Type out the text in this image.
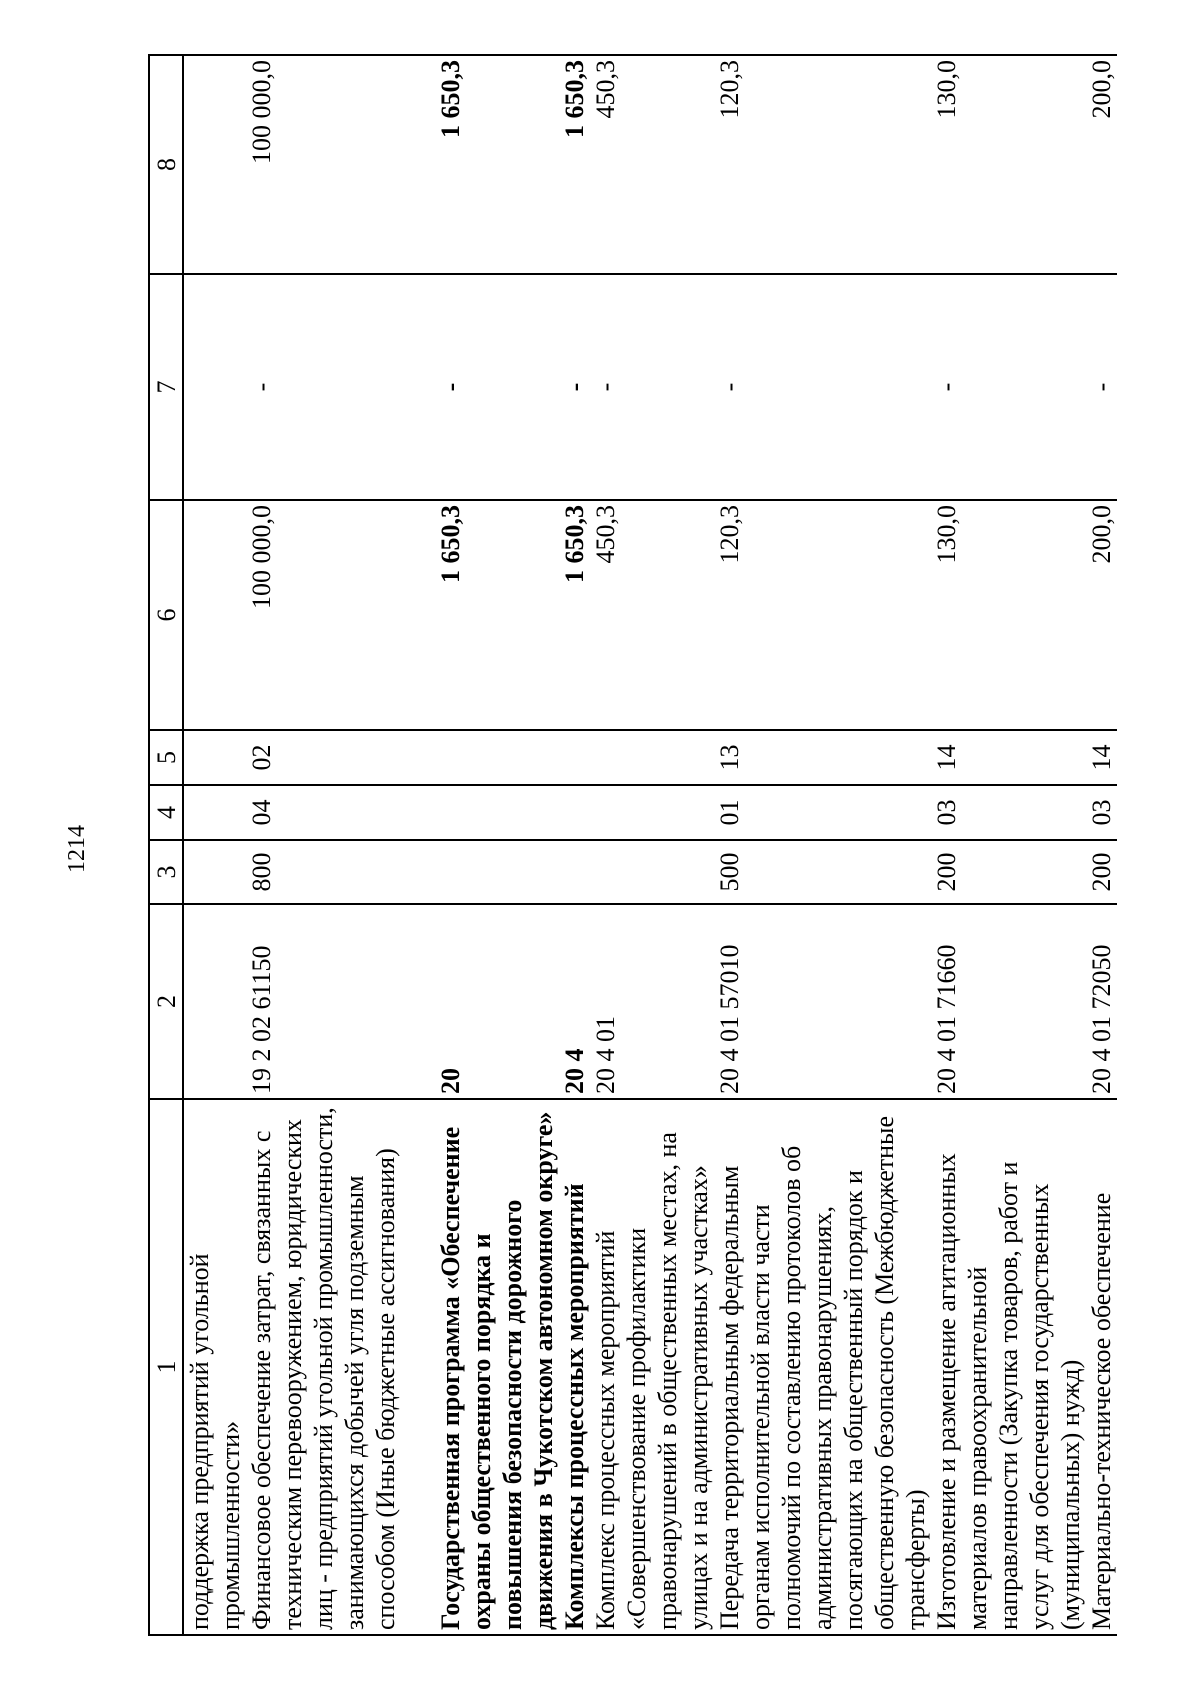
1214
1	2	3	4	5	6	7	8
поддержка предприятий угольной промышленности»							
Финансовое обеспечение затрат, связанных с техническим перевооружением, юридических лиц - предприятий угольной промышленности, занимающихся добычей угля подземным способом (Иные бюджетные ассигнования)	19 2 02 61150	800	04	02	100 000,0	-	100 000,0

Государственная программа «Обеспечение охраны общественного порядка и повышения безопасности дорожного движения в Чукотском автономном округе»	20				1 650,3	-	1 650,3
Комплексы процессных мероприятий	20 4				1 650,3	-	1 650,3
Комплекс процессных мероприятий «Совершенствование профилактики правонарушений в общественных местах, на улицах и на административных участках»	20 4 01				450,3	-	450,3
Передача территориальным федеральным органам исполнительной власти части полномочий по составлению протоколов об административных правонарушениях, посягающих на общественный порядок и общественную безопасность (Межбюджетные трансферты)	20 4 01 57010	500	01	13	120,3	-	120,3
Изготовление и размещение агитационных материалов правоохранительной направленности (Закупка товаров, работ и услуг для обеспечения государственных (муниципальных) нужд)	20 4 01 71660	200	03	14	130,0	-	130,0
Материально-техническое обеспечение	20 4 01 72050	200	03	14	200,0	-	200,0
